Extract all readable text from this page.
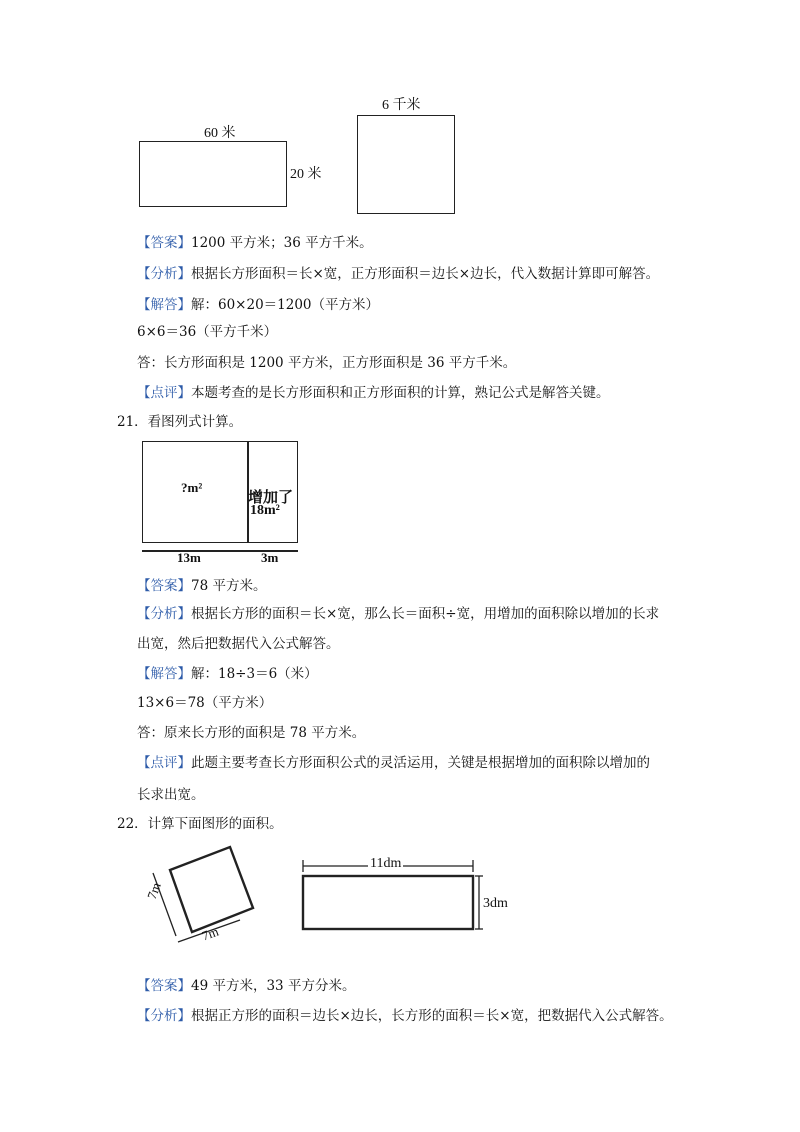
60 米
20 米
6 千米
【答案】1200 平方米；36 平方千米。
【分析】根据长方形面积＝长×宽，正方形面积＝边长×边长，代入数据计算即可解答。
【解答】解：60×20＝1200（平方米）
6×6＝36（平方千米）
答：长方形面积是 1200 平方米，正方形面积是 36 平方千米。
【点评】本题考查的是长方形面积和正方形面积的计算，熟记公式是解答关键。
21．看图列式计算。
?m²
增加了
18m²
13m	3m
【答案】78 平方米。
【分析】根据长方形的面积＝长×宽，那么长＝面积÷宽，用增加的面积除以增加的长求
出宽，然后把数据代入公式解答。
【解答】解：18÷3＝6（米）
13×6＝78（平方米）
答：原来长方形的面积是 78 平方米。
【点评】此题主要考查长方形面积公式的灵活运用，关键是根据增加的面积除以增加的
长求出宽。
22．计算下面图形的面积。
7m
7m
11dm
3dm
【答案】49 平方米，33 平方分米。
【分析】根据正方形的面积＝边长×边长，长方形的面积＝长×宽，把数据代入公式解答。
